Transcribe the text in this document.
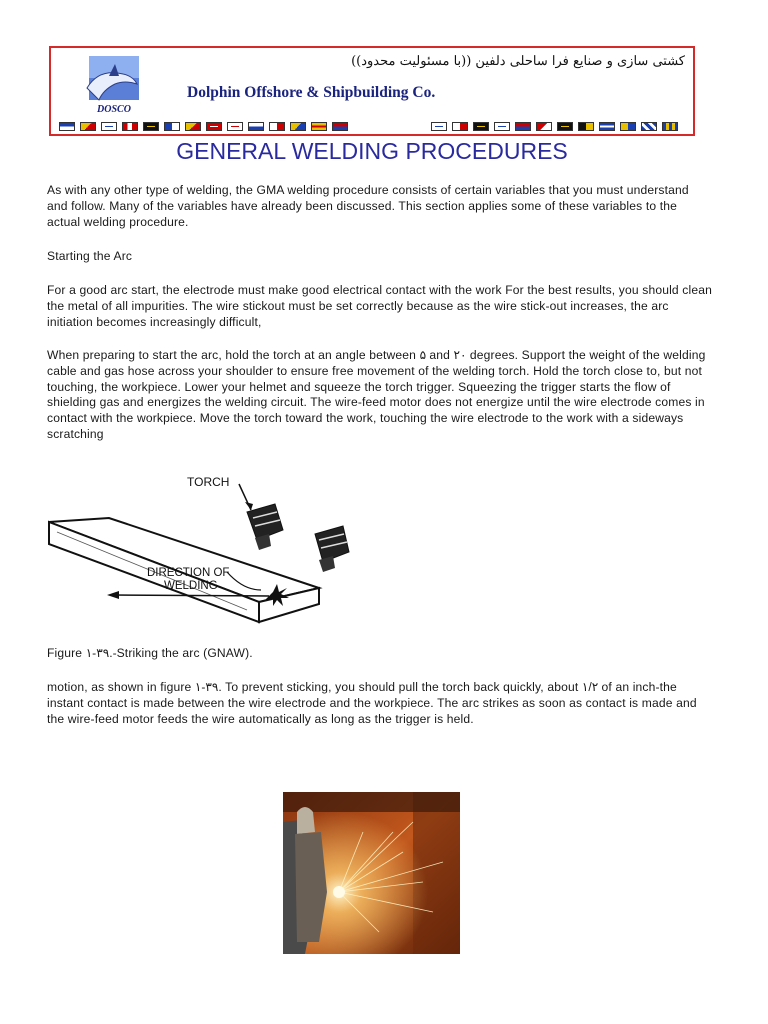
DOSCO
کشتی سازی و صنایع فرا ساحلی دلفین ((با مسئولیت محدود))
Dolphin Offshore & Shipbuilding Co.
GENERAL WELDING PROCEDURES

As with any other type of welding, the GMA welding procedure consists of certain variables that you must understand and follow. Many of the variables have already been discussed. This section applies some of these variables to the actual welding procedure.

Starting the Arc

For a good arc start, the electrode must make good electrical contact with the work For the best results, you should clean the metal of all impurities. The wire stickout must be set correctly because as the wire stick-out increases, the arc initiation becomes increasingly difficult,

When preparing to start the arc, hold the torch at an angle between ۵ and ۲۰ degrees. Support the weight of the welding cable and gas hose across your shoulder to ensure free movement of the welding torch. Hold the torch close to, but not touching, the workpiece. Lower your helmet and squeeze the torch trigger. Squeezing the trigger starts the flow of shielding gas and energizes the welding circuit. The wire-feed motor does not energize until the wire electrode comes in contact with the workpiece. Move the torch toward the work, touching the wire electrode to the work with a sideways scratching

TORCH
DIRECTION OF
WELDING

Figure ۱-۳۹.-Striking the arc (GNAW).

motion, as shown in figure ۱-۳۹. To prevent sticking, you should pull the torch back quickly, about ۱/۲ of an inch-the instant contact is made between the wire electrode and the workpiece. The arc strikes as soon as contact is made and the wire-feed motor feeds the wire automatically as long as the trigger is held.
